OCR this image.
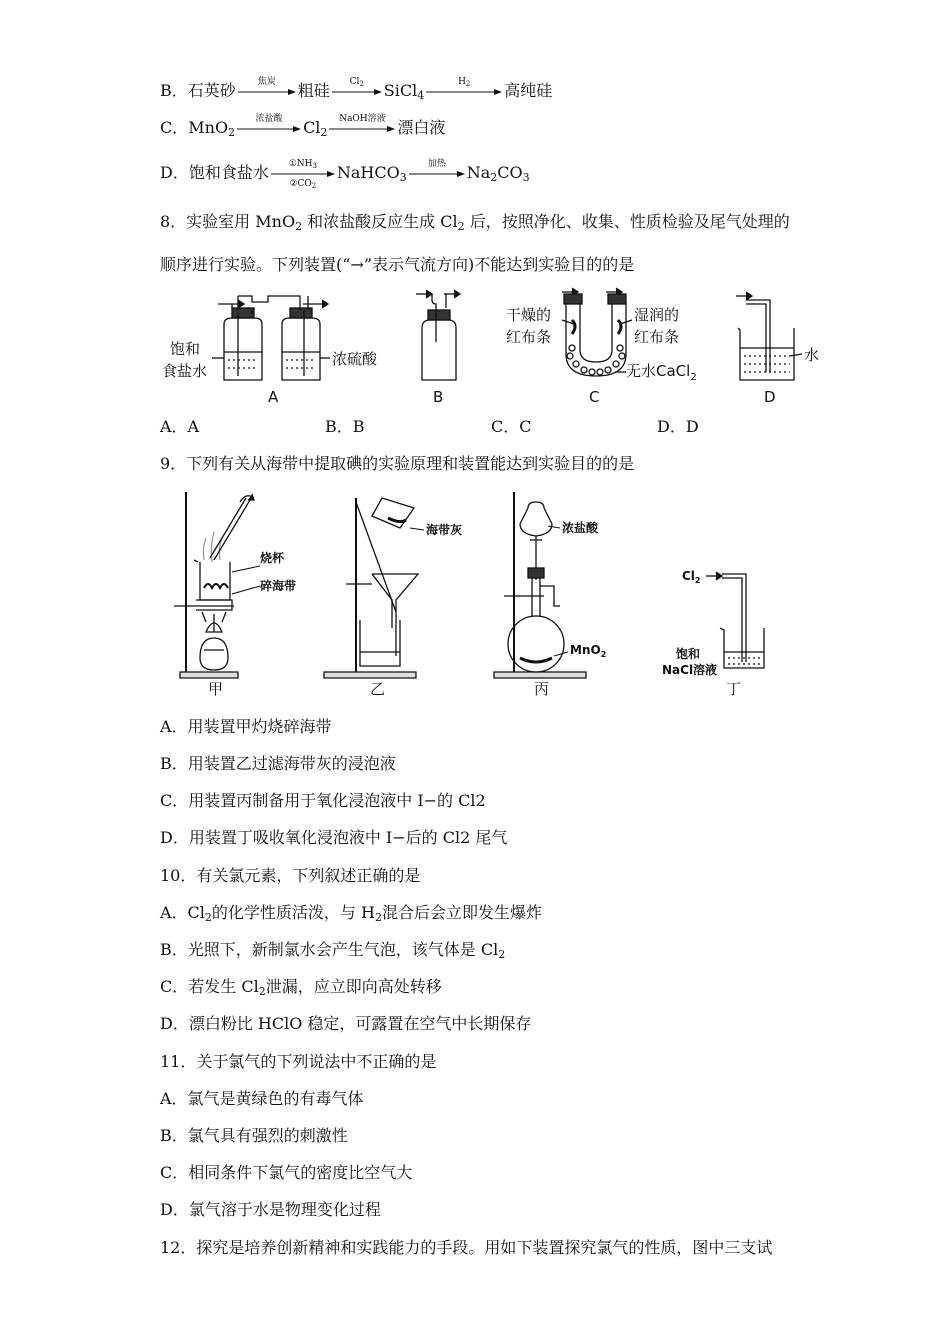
B．石英砂	焦炭	粗硅	$Cl_2$	SiCl$_4$
$H_2$	高纯硅
C．MnO$_2$
浓盐酸	$Cl_2$
NaOH溶液 漂白液
D．饱和食盐水	$①NH_3$
$②CO_2$
NaHCO$_3$
加热	$Na_2CO_3$
8．实验室用 MnO$_2$ 和浓盐酸反应生成 $Cl_2$ 后，按照净化、收集、性质检验及尾气处理的
顺序进行实验。下列装置(“→”表示气流方向)不能达到实验目的的是
饱和
食盐水
浓硫酸
A	B
干燥的
红布条
湿润的
红布条
无水CaCl$_2$
C
水
D
A．A	B．B	C．C	D．D
9．下列有关从海带中提取碘的实验原理和装置能达到实验目的的是
烧杯
碎海带
甲
海带灰
乙
浓盐酸
MnO$_2$
丙
$Cl_2$
饱和
NaCl溶液
丁
A．用装置甲灼烧碎海带
B．用装置乙过滤海带灰的浸泡液
C．用装置丙制备用于氧化浸泡液中 I−的 Cl2
D．用装置丁吸收氧化浸泡液中 I−后的 Cl2 尾气
10．有关氯元素，下列叙述正确的是
A．$Cl_2$的化学性质活泼，与 $H_2$混合后会立即发生爆炸
B．光照下，新制氯水会产生气泡，该气体是 $Cl_2$
C．若发生 $Cl_2$泄漏，应立即向高处转移
D．漂白粉比 HClO 稳定，可露置在空气中长期保存
11．关于氯气的下列说法中不正确的是
A．氯气是黄绿色的有毒气体
B．氯气具有强烈的刺激性
C．相同条件下氯气的密度比空气大
D．氯气溶于水是物理变化过程
12．探究是培养创新精神和实践能力的手段。用如下装置探究氯气的性质，图中三支试
